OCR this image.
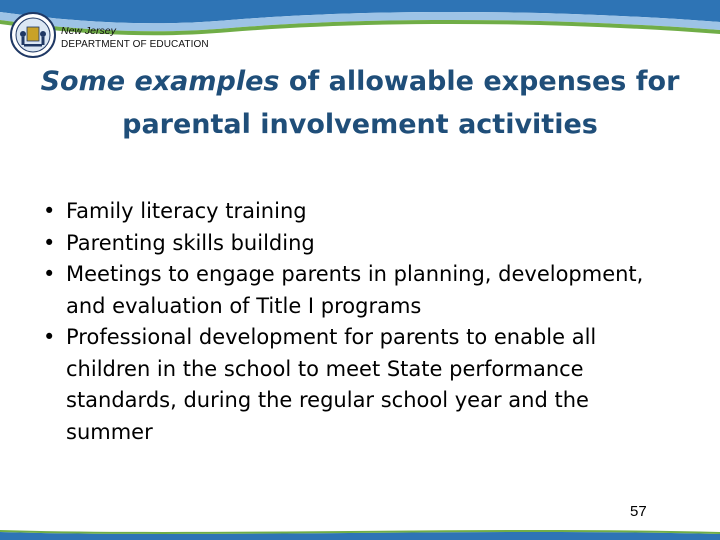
New Jersey
DEPARTMENT OF EDUCATION
Some examples of allowable expenses for parental involvement activities
• Family literacy training
• Parenting skills building
• Meetings to engage parents in planning, development, and evaluation of Title I programs
• Professional development for parents to enable all children in the school to meet State performance standards, during the regular school year and the summer
57
